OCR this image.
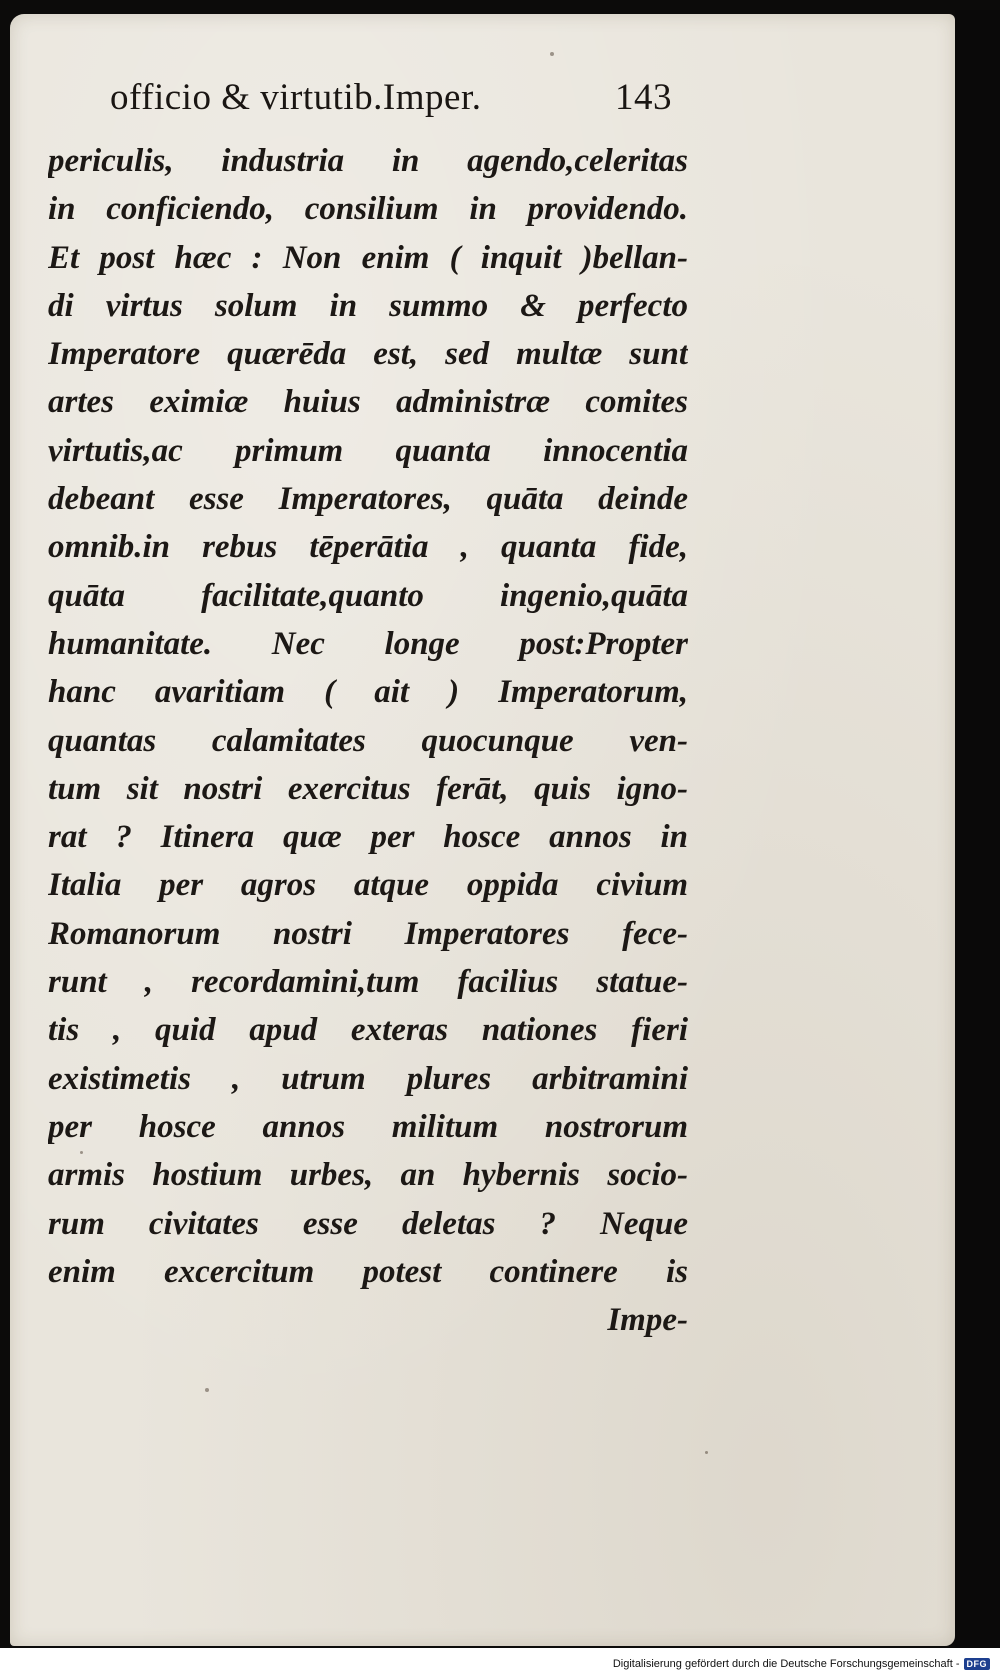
officio & virtutib.Imper.	143
periculis, industria in agendo,celeritas
in conficiendo, consilium in providendo.
Et post hæc : Non enim ( inquit )bellan-
di virtus solum in summo & perfecto
Imperatore quærēda est, sed multæ sunt
artes eximiæ huius administræ comites
virtutis,ac primum quanta innocentia
debeant esse Imperatores, quāta deinde
omnib.in rebus tēperātia , quanta fide,
quāta facilitate,quanto ingenio,quāta
humanitate. Nec longe post:Propter
hanc avaritiam ( ait ) Imperatorum,
quantas calamitates quocunque ven-
tum sit nostri exercitus ferāt, quis igno-
rat ? Itinera quæ per hosce annos in
Italia per agros atque oppida civium
Romanorum nostri Imperatores fece-
runt , recordamini,tum facilius statue-
tis , quid apud exteras nationes fieri
existimetis , utrum plures arbitramini
per hosce annos militum nostrorum
armis hostium urbes, an hybernis socio-
rum civitates esse deletas ? Neque
enim excercitum potest continere is
Impe-
Digitalisierung gefördert durch die Deutsche Forschungsgemeinschaft - DFG
